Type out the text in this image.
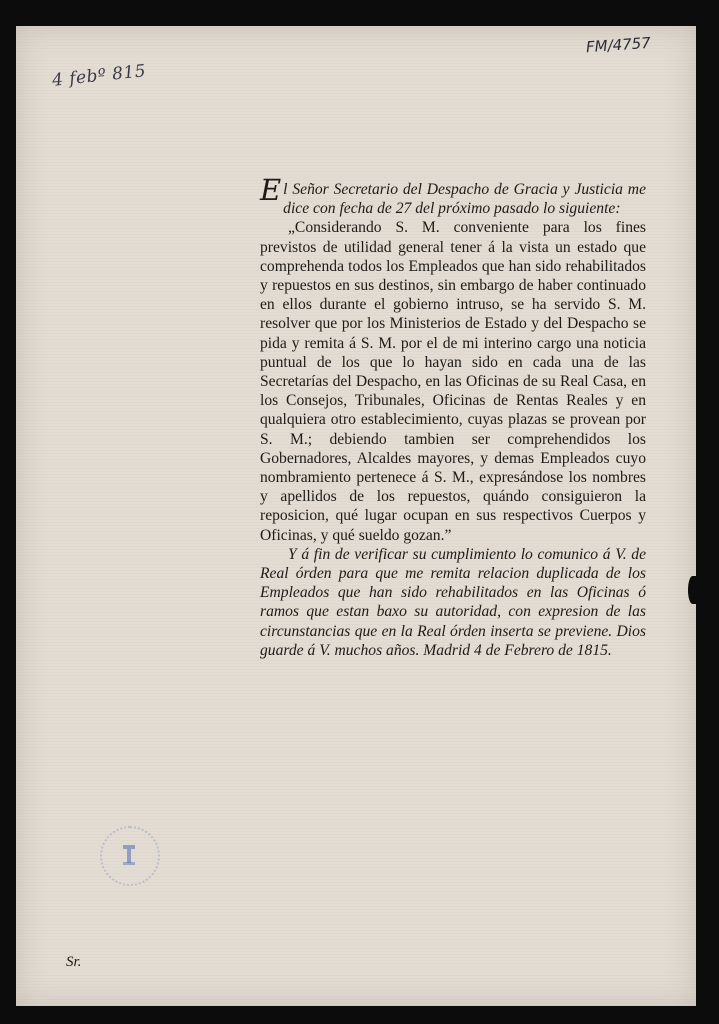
4 febº 815
FM/4757
El Señor Secretario del Despacho de Gracia y Justicia me dice con fecha de 27 del próximo pasado lo siguiente:
„Considerando S. M. conveniente para los fines previstos de utilidad general tener á la vista un estado que comprehenda todos los Empleados que han sido rehabilitados y repuestos en sus destinos, sin embargo de haber continuado en ellos durante el gobierno intruso, se ha servido S. M. resolver que por los Ministerios de Estado y del Despacho se pida y remita á S. M. por el de mi interino cargo una noticia puntual de los que lo hayan sido en cada una de las Secretarías del Despacho, en las Oficinas de su Real Casa, en los Consejos, Tribunales, Oficinas de Rentas Reales y en qualquiera otro establecimiento, cuyas plazas se provean por S. M.; debiendo tambien ser comprehendidos los Gobernadores, Alcaldes mayores, y demas Empleados cuyo nombramiento pertenece á S. M., expresándose los nombres y apellidos de los repuestos, quándo consiguieron la reposicion, qué lugar ocupan en sus respectivos Cuerpos y Oficinas, y qué sueldo gozan.”
Y á fin de verificar su cumplimiento lo comunico á V. de Real órden para que me remita relacion duplicada de los Empleados que han sido rehabilitados en las Oficinas ó ramos que estan baxo su autoridad, con expresion de las circunstancias que en la Real órden inserta se previene. Dios guarde á V. muchos años. Madrid 4 de Febrero de 1815.
Sr.
